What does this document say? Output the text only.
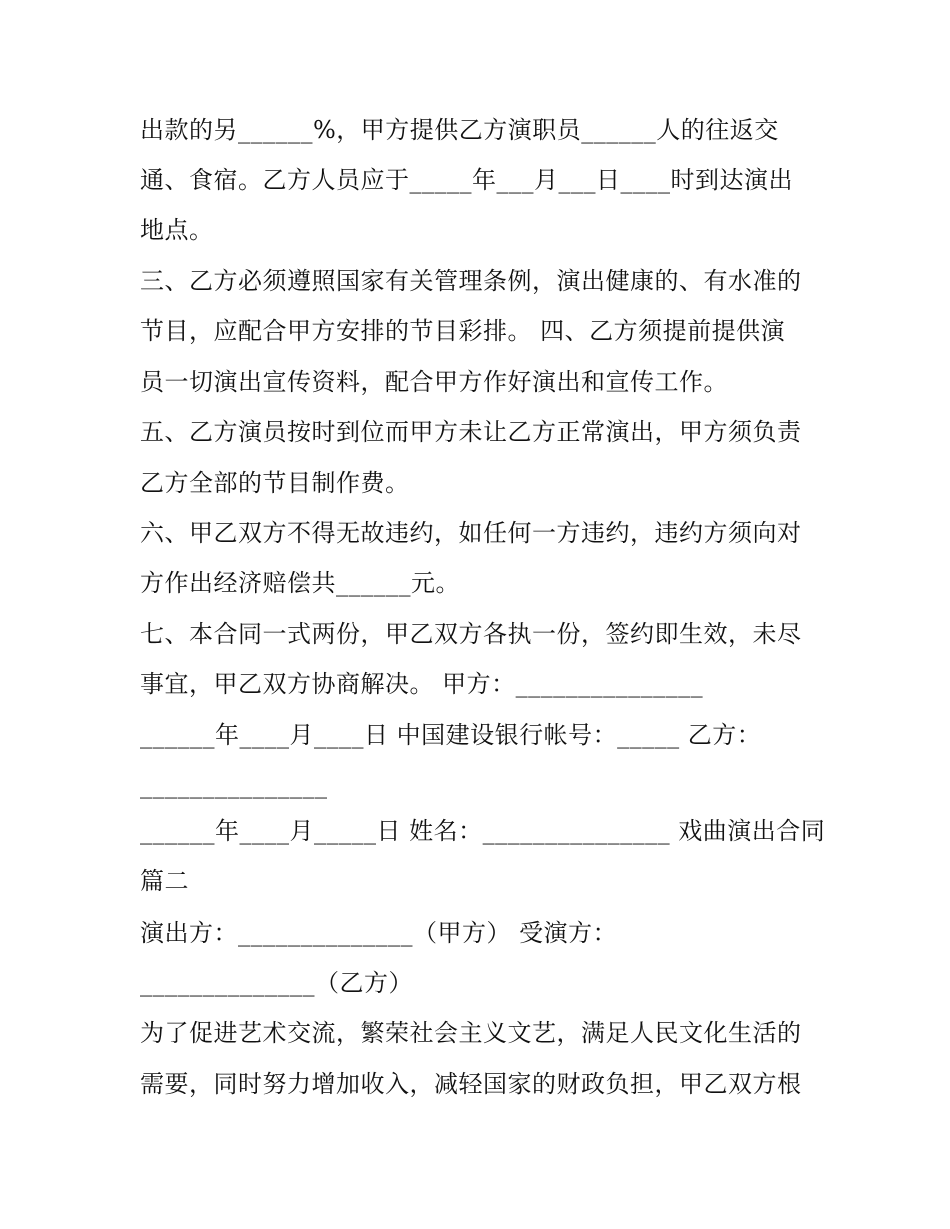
出款的另______%，甲方提供乙方演职员______人的往返交
通、食宿。乙方人员应于_____年___月___日____时到达演出
地点。
三、乙方必须遵照国家有关管理条例，演出健康的、有水准的
节目，应配合甲方安排的节目彩排。 四、乙方须提前提供演
员一切演出宣传资料，配合甲方作好演出和宣传工作。
五、乙方演员按时到位而甲方未让乙方正常演出，甲方须负责
乙方全部的节目制作费。
六、甲乙双方不得无故违约，如任何一方违约，违约方须向对
方作出经济赔偿共______元。
七、本合同一式两份，甲乙双方各执一份，签约即生效，未尽
事宜，甲乙双方协商解决。 甲方：_______________
______年____月____日 中国建设银行帐号：_____ 乙方：
_______________
______年____月_____日 姓名：_______________ 戏曲演出合同
篇二
演出方：______________（甲方） 受演方：
______________（乙方）
为了促进艺术交流，繁荣社会主义文艺，满足人民文化生活的
需要，同时努力增加收入，减轻国家的财政负担，甲乙双方根
